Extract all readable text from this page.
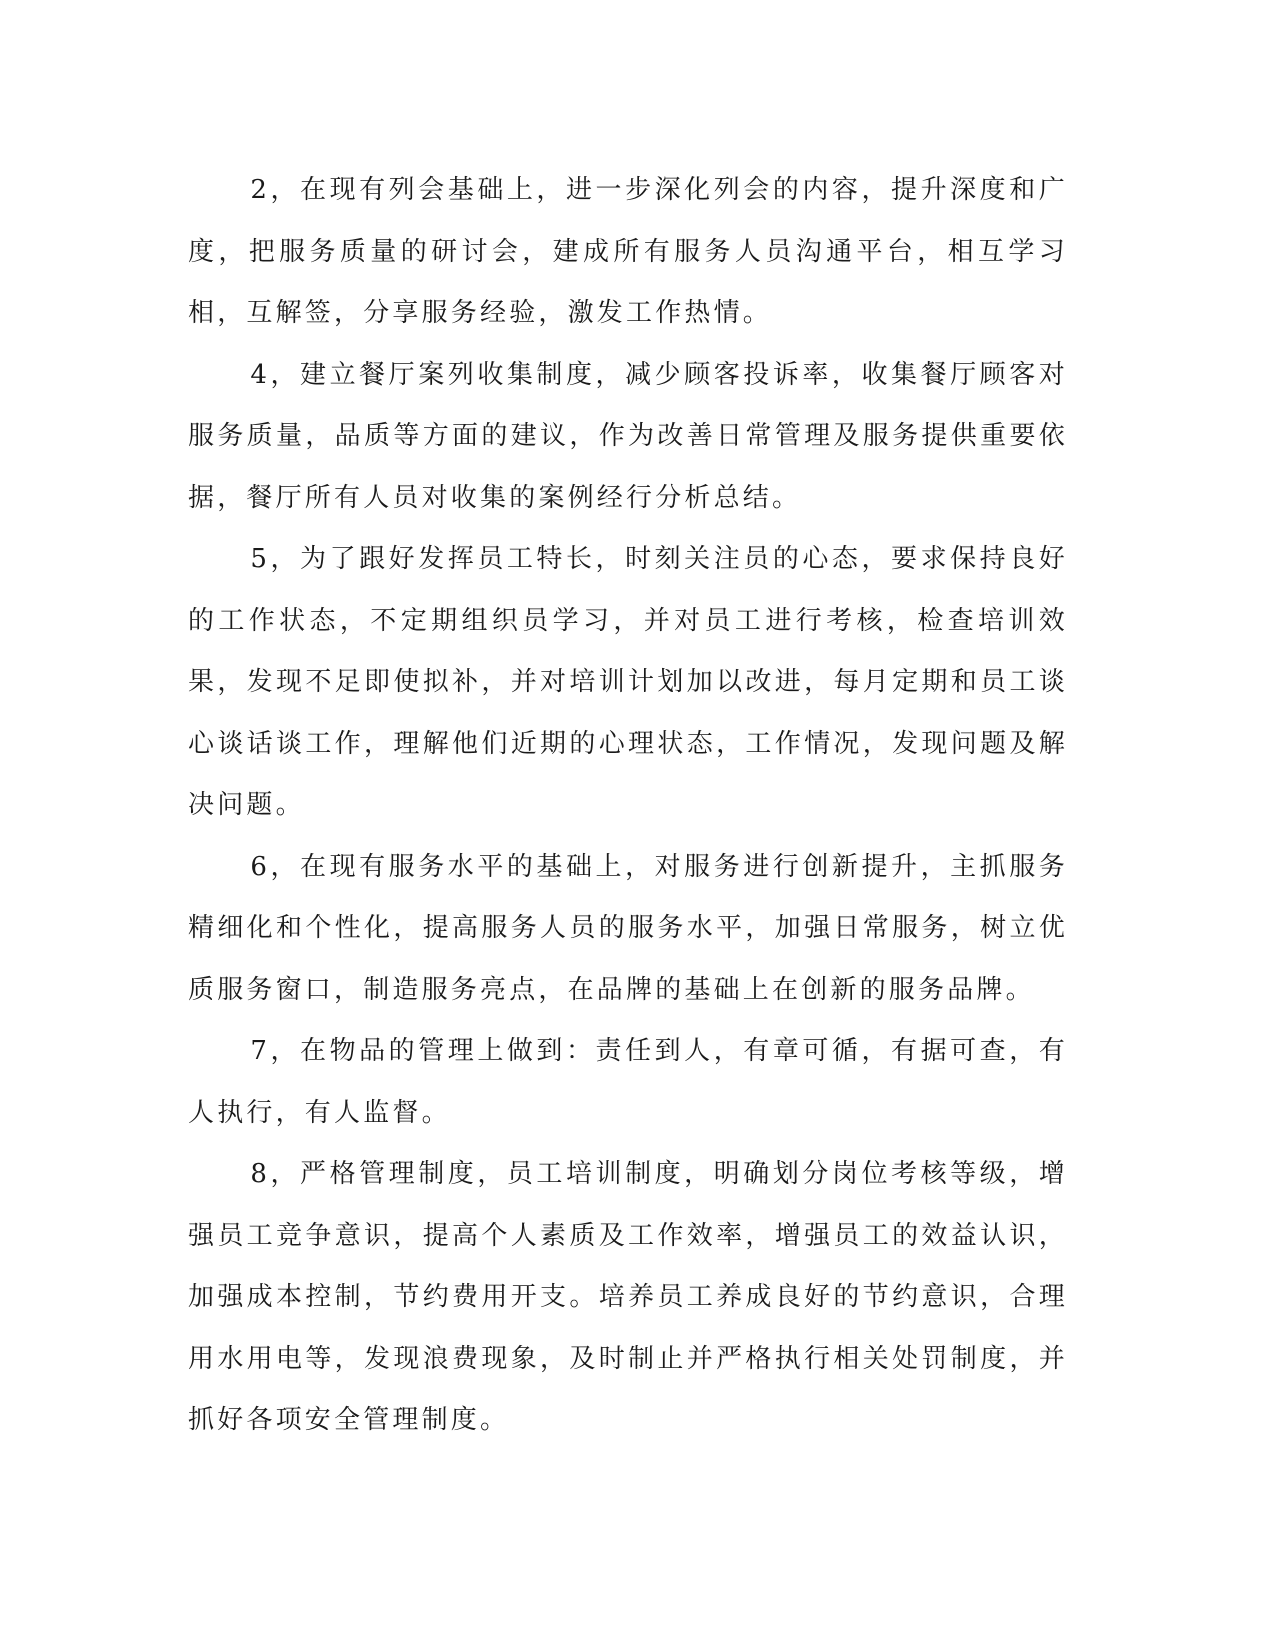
2，在现有列会基础上，进一步深化列会的内容，提升深度和广度，把服务质量的研讨会，建成所有服务人员沟通平台，相互学习相，互解签，分享服务经验，激发工作热情。

4，建立餐厅案列收集制度，减少顾客投诉率，收集餐厅顾客对服务质量，品质等方面的建议，作为改善日常管理及服务提供重要依据，餐厅所有人员对收集的案例经行分析总结。

5，为了跟好发挥员工特长，时刻关注员的心态，要求保持良好的工作状态，不定期组织员学习，并对员工进行考核，检查培训效果，发现不足即使拟补，并对培训计划加以改进，每月定期和员工谈心谈话谈工作，理解他们近期的心理状态，工作情况，发现问题及解决问题。

6，在现有服务水平的基础上，对服务进行创新提升，主抓服务精细化和个性化，提高服务人员的服务水平，加强日常服务，树立优质服务窗口，制造服务亮点，在品牌的基础上在创新的服务品牌。

7，在物品的管理上做到：责任到人，有章可循，有据可查，有人执行，有人监督。

8，严格管理制度，员工培训制度，明确划分岗位考核等级，增强员工竞争意识，提高个人素质及工作效率，增强员工的效益认识，加强成本控制，节约费用开支。培养员工养成良好的节约意识，合理用水用电等，发现浪费现象，及时制止并严格执行相关处罚制度，并抓好各项安全管理制度。
